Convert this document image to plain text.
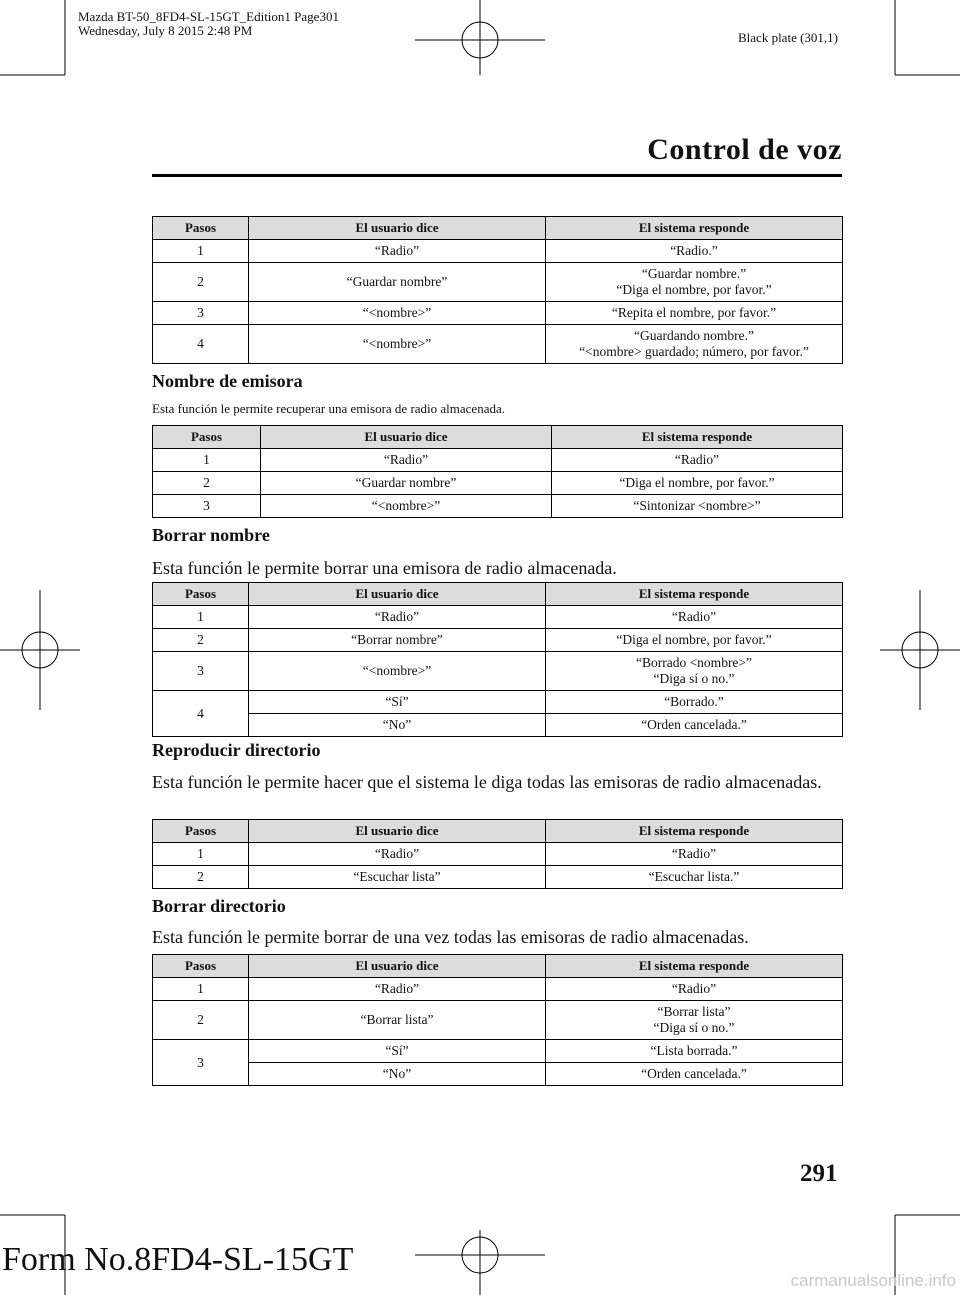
Mazda BT-50_8FD4-SL-15GT_Edition1 Page301
Wednesday, July 8 2015 2:48 PM	Black plate (301,1)
Control de voz
Pasos	El usuario dice	El sistema responde
1	“Radio”	“Radio.”

2	“Guardar nombre”	“Guardar nombre.”
“Diga el nombre, por favor.”

3	“<nombre>”	“Repita el nombre, por favor.”

4	“<nombre>”	“Guardando nombre.”
“<nombre> guardado; número, por favor.”
Nombre de emisora
Esta función le permite recuperar una emisora de radio almacenada.
Pasos	El usuario dice	El sistema responde
1	“Radio”	“Radio”
2	“Guardar nombre”	“Diga el nombre, por favor.”
3	“<nombre>”	“Sintonizar <nombre>”
Borrar nombre
Esta función le permite borrar una emisora de radio almacenada.
Pasos	El usuario dice	El sistema responde
1	“Radio”	“Radio”

2	“Borrar nombre”	“Diga el nombre, por favor.”

3	“<nombre>”	“Borrado <nombre>”
“Diga sí o no.”

4	“Sí”	“Borrado.”

	“No”	“Orden cancelada.”
Reproducir directorio
Esta función le permite hacer que el sistema le diga todas las emisoras de radio almacenadas.
Pasos	El usuario dice	El sistema responde
1	“Radio”	“Radio”
2	“Escuchar lista”	“Escuchar lista.”
Borrar directorio
Esta función le permite borrar de una vez todas las emisoras de radio almacenadas.
Pasos	El usuario dice	El sistema responde
1	“Radio”	“Radio”

2	“Borrar lista”	“Borrar lista”
“Diga sí o no.”

3	“Sí”	“Lista borrada.”

	“No”	“Orden cancelada.”
291
Form No.8FD4-SL-15GT
carmanualsonline.info
